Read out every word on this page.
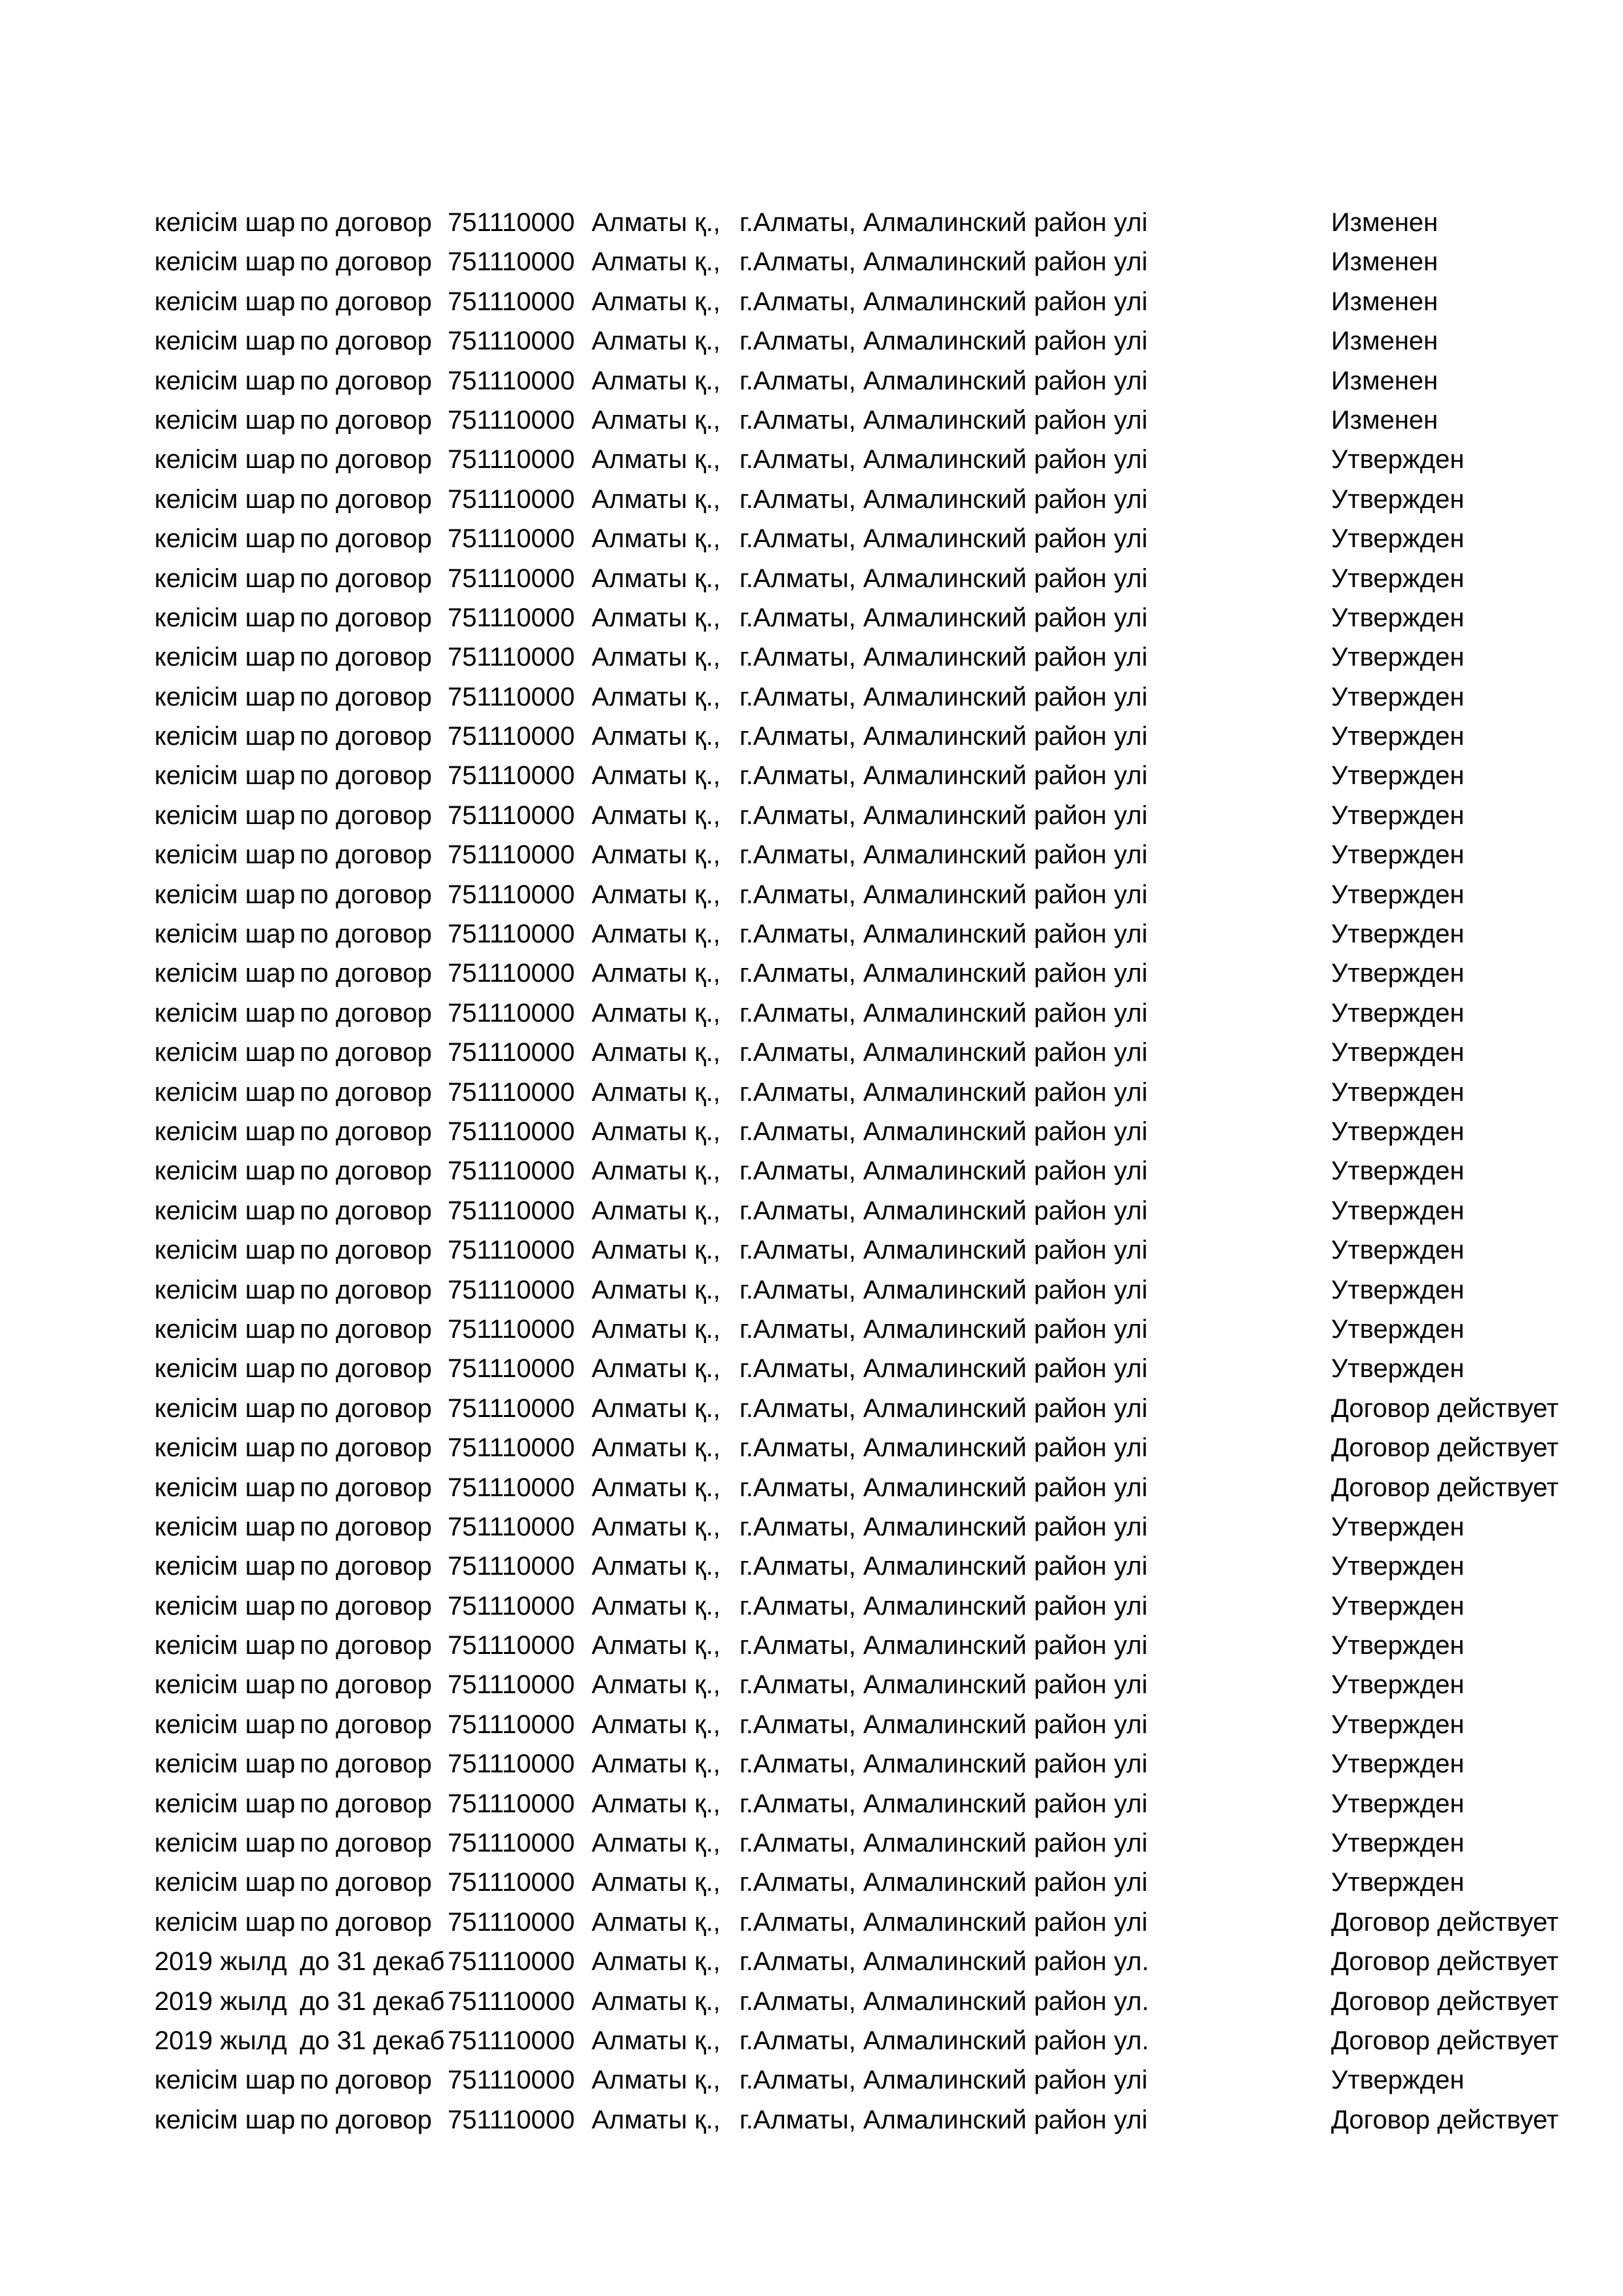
келісім шар по договор 751110000 Алматы қ., г.Алматы, Алмалинский район улі	Изменен
келісім шар по договор 751110000 Алматы қ., г.Алматы, Алмалинский район улі	Изменен
келісім шар по договор 751110000 Алматы қ., г.Алматы, Алмалинский район улі	Изменен
келісім шар по договор 751110000 Алматы қ., г.Алматы, Алмалинский район улі	Изменен
келісім шар по договор 751110000 Алматы қ., г.Алматы, Алмалинский район улі	Изменен
келісім шар по договор 751110000 Алматы қ., г.Алматы, Алмалинский район улі	Изменен
келісім шар по договор 751110000 Алматы қ., г.Алматы, Алмалинский район улі	Утвержден
келісім шар по договор 751110000 Алматы қ., г.Алматы, Алмалинский район улі	Утвержден
келісім шар по договор 751110000 Алматы қ., г.Алматы, Алмалинский район улі	Утвержден
келісім шар по договор 751110000 Алматы қ., г.Алматы, Алмалинский район улі	Утвержден
келісім шар по договор 751110000 Алматы қ., г.Алматы, Алмалинский район улі	Утвержден
келісім шар по договор 751110000 Алматы қ., г.Алматы, Алмалинский район улі	Утвержден
келісім шар по договор 751110000 Алматы қ., г.Алматы, Алмалинский район улі	Утвержден
келісім шар по договор 751110000 Алматы қ., г.Алматы, Алмалинский район улі	Утвержден
келісім шар по договор 751110000 Алматы қ., г.Алматы, Алмалинский район улі	Утвержден
келісім шар по договор 751110000 Алматы қ., г.Алматы, Алмалинский район улі	Утвержден
келісім шар по договор 751110000 Алматы қ., г.Алматы, Алмалинский район улі	Утвержден
келісім шар по договор 751110000 Алматы қ., г.Алматы, Алмалинский район улі	Утвержден
келісім шар по договор 751110000 Алматы қ., г.Алматы, Алмалинский район улі	Утвержден
келісім шар по договор 751110000 Алматы қ., г.Алматы, Алмалинский район улі	Утвержден
келісім шар по договор 751110000 Алматы қ., г.Алматы, Алмалинский район улі	Утвержден
келісім шар по договор 751110000 Алматы қ., г.Алматы, Алмалинский район улі	Утвержден
келісім шар по договор 751110000 Алматы қ., г.Алматы, Алмалинский район улі	Утвержден
келісім шар по договор 751110000 Алматы қ., г.Алматы, Алмалинский район улі	Утвержден
келісім шар по договор 751110000 Алматы қ., г.Алматы, Алмалинский район улі	Утвержден
келісім шар по договор 751110000 Алматы қ., г.Алматы, Алмалинский район улі	Утвержден
келісім шар по договор 751110000 Алматы қ., г.Алматы, Алмалинский район улі	Утвержден
келісім шар по договор 751110000 Алматы қ., г.Алматы, Алмалинский район улі	Утвержден
келісім шар по договор 751110000 Алматы қ., г.Алматы, Алмалинский район улі	Утвержден
келісім шар по договор 751110000 Алматы қ., г.Алматы, Алмалинский район улі	Утвержден
келісім шар по договор 751110000 Алматы қ., г.Алматы, Алмалинский район улі	Договор действует
келісім шар по договор 751110000 Алматы қ., г.Алматы, Алмалинский район улі	Договор действует
келісім шар по договор 751110000 Алматы қ., г.Алматы, Алмалинский район улі	Договор действует
келісім шар по договор 751110000 Алматы қ., г.Алматы, Алмалинский район улі	Утвержден
келісім шар по договор 751110000 Алматы қ., г.Алматы, Алмалинский район улі	Утвержден
келісім шар по договор 751110000 Алматы қ., г.Алматы, Алмалинский район улі	Утвержден
келісім шар по договор 751110000 Алматы қ., г.Алматы, Алмалинский район улі	Утвержден
келісім шар по договор 751110000 Алматы қ., г.Алматы, Алмалинский район улі	Утвержден
келісім шар по договор 751110000 Алматы қ., г.Алматы, Алмалинский район улі	Утвержден
келісім шар по договор 751110000 Алматы қ., г.Алматы, Алмалинский район улі	Утвержден
келісім шар по договор 751110000 Алматы қ., г.Алматы, Алмалинский район улі	Утвержден
келісім шар по договор 751110000 Алматы қ., г.Алматы, Алмалинский район улі	Утвержден
келісім шар по договор 751110000 Алматы қ., г.Алматы, Алмалинский район улі	Утвержден
келісім шар по договор 751110000 Алматы қ., г.Алматы, Алмалинский район улі	Договор действует
2019 жылд до 31 декаб 751110000 Алматы қ., г.Алматы, Алмалинский район ул.	Договор действует
2019 жылд до 31 декаб 751110000 Алматы қ., г.Алматы, Алмалинский район ул.	Договор действует
2019 жылд до 31 декаб 751110000 Алматы қ., г.Алматы, Алмалинский район ул.	Договор действует
келісім шар по договор 751110000 Алматы қ., г.Алматы, Алмалинский район улі	Утвержден
келісім шар по договор 751110000 Алматы қ., г.Алматы, Алмалинский район улі	Договор действует
